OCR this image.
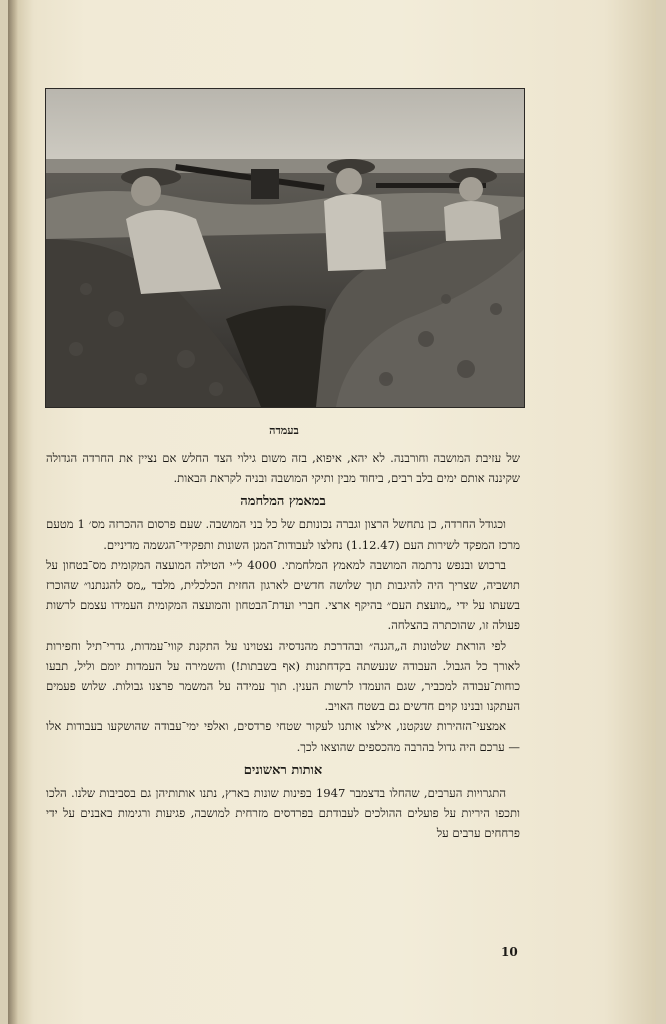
בעמדה

של עזיבת המושבה וחורבנה. לא יהא, איפוא, בזה משום גילוי הצד החלש אם נציין את החרדה הגדולה שקיננה אותם ימים בלב רבים, ביחוד מבין ותיקי המושבה ובניה לקראת הבאות.

במאמץ המלחמה

וכגודל החרדה, כן נתחשל הרצון וגברה נכונותם של כל בני המושבה. שעם פרסום ההכרזה מס׳ 1 מטעם מרכז המפקד לשירות העם (1.12.47) נחלצו לעבודות־המגן השונות ותפקידי־הגשמה מדיניים.

ברכוש ובנפש נרתמה המושבה למאמץ המלחמתי. 4000 ל״י הטילה המועצה המקומית מס־בטחון על תושביה, שצריך היה להיגבות תוך שלושה חדשים לארגון החזית הכלכלית, מלבד „מס להגנתנו״ שהוכרז בשעתו על ידי „מועצת העם״ בהיקף ארצי. חברי ועדת־הבטחון והמועצה המקומית העמידו עצמם לרשות פעולה זו, שהוכתרה בהצלחה.

לפי הוראת שלטונות ה„הגנה״ ובהדרכת מהנדסיה נצטוינו על התקנת קווי־עמדות, גדרי־תיל וחפירות לאורך כל הגבול. העבודה שנעשתה בקדחתנות (אף בשבתות!) והשמירה על העמדות יומם וליל, תבעו כוחות־עבודה למכביר, שגם הועמדו לרשות הענין. תוך עמידה על המשמר פרצנו גבולות. שלוש פעמים העתקנו ובנינו קוים חדשים גם בשטח האויב.

אמצעי־הזהירות שנקטנו, אילצו אותנו לעקור שטחי פרדסים, ואלפי ימי־עבודה שהושקעו בעבודות אלו — ערכם היה גדול בהרבה מהכספים שהוצאו לכך.

אותות ראשונים

התגרויות הערבים, שהחלו בדצמבר 1947 בפינות שונות בארץ, נתנו אותותיהן גם בסביבות שלנו. הלכו ותכפו היריות על פועלים ההולכים לעבודתם בפרדסים מזרחית למושבה, פגיעות ורגימות באבנים על ידי פרחחים ערבים על

10
